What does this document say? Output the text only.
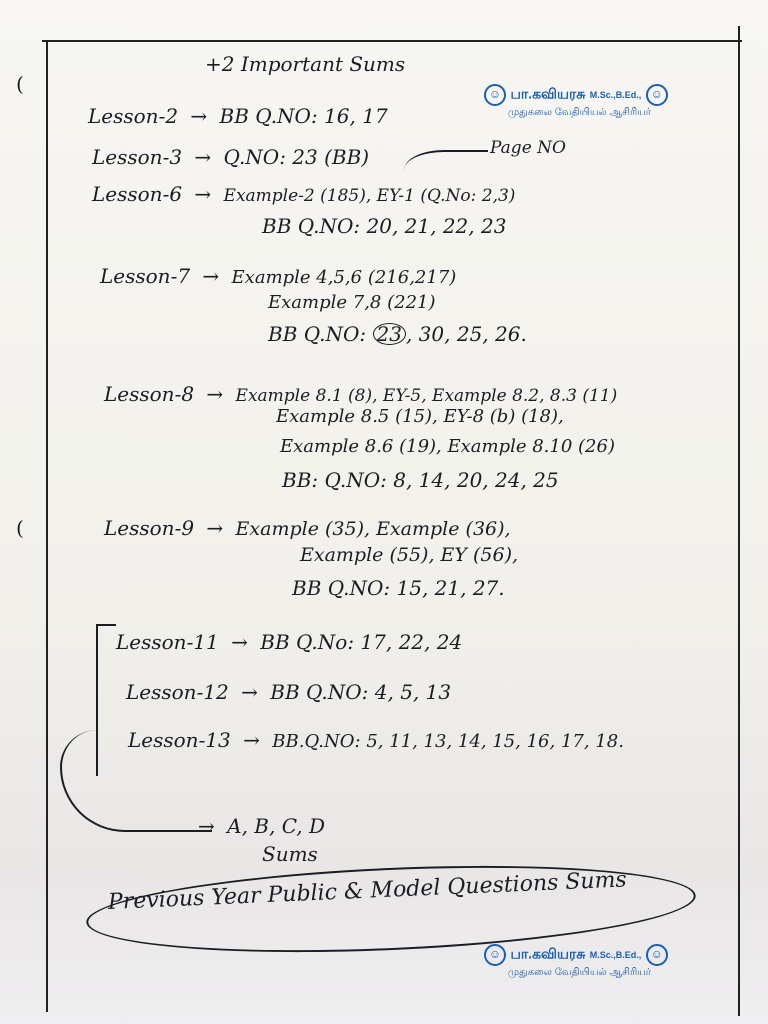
(
(
+2 Important Sums
☺ பா.கவியரசு M.Sc.,B.Ed., ☺
முதுகலை வேதியியல் ஆசிரியர்
Lesson-2 → BB Q.NO: 16, 17
Lesson-3 → Q.NO: 23 (BB)	Page NO
Lesson-6 → Example-2 (185), EY-1 (Q.No: 2,3)
BB Q.NO: 20, 21, 22, 23
Lesson-7 → Example 4,5,6 (216,217)
Example 7,8 (221)
BB Q.NO: 23 , 30, 25, 26.
Lesson-8 → Example 8.1 (8), EY-5, Example 8.2, 8.3 (11)
Example 8.5 (15), EY-8 (b) (18),
Example 8.6 (19), Example 8.10 (26)
BB: Q.NO: 8, 14, 20, 24, 25
Lesson-9 → Example (35), Example (36),
Example (55), EY (56),
BB Q.NO: 15, 21, 27.
Lesson-11 → BB Q.No: 17, 22, 24
Lesson-12 → BB Q.NO: 4, 5, 13
Lesson-13 → BB.Q.NO: 5, 11, 13, 14, 15, 16, 17, 18.
→ A, B, C, D
Sums
Previous Year Public & Model Questions Sums
☺ பா.கவியரசு M.Sc.,B.Ed., ☺
முதுகலை வேதியியல் ஆசிரியர்
